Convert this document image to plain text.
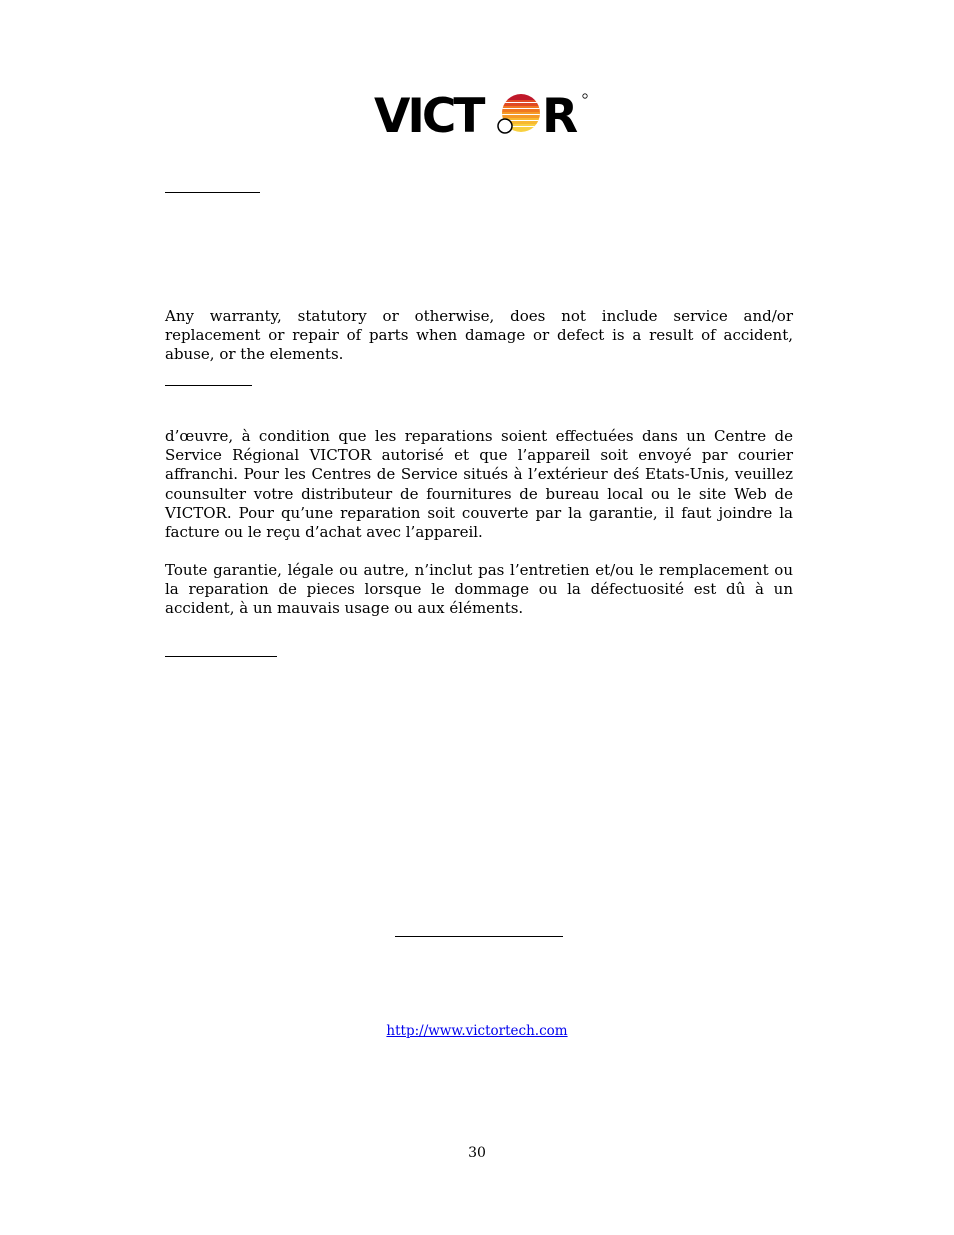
VICT R

Any warranty, statutory or otherwise, does not include service and/or replacement or repair of parts when damage or defect is a result of accident, abuse, or the elements.

d’œuvre, à condition que les reparations soient effectuées dans un Centre de Service Régional VICTOR autorisé et que l’appareil soit envoyé par courier affranchi. Pour les Centres de Service situés à l’extérieur deś Etats-Unis, veuillez counsulter votre distributeur de fournitures de bureau local ou le site Web de VICTOR. Pour qu’une reparation soit couverte par la garantie, il faut joindre la facture ou le reçu d’achat avec l’appareil.

Toute garantie, légale ou autre, n’inclut pas l’entretien et/ou le remplacement ou la reparation de pieces lorsque le dommage ou la défectuosité est dû à un accident, à un mauvais usage ou aux éléments.

http://www.victortech.com
30
